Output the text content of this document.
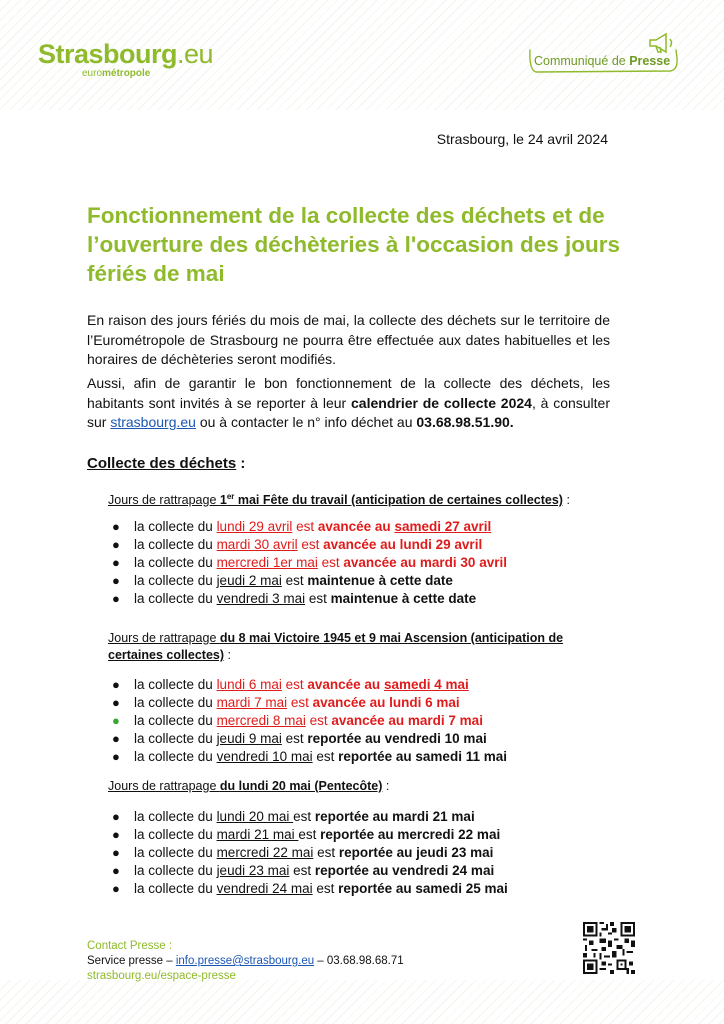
Strasbourg.eu
eurométropole
Communiqué de Presse
Strasbourg, le 24 avril 2024
Fonctionnement de la collecte des déchets et de l’ouverture des déchèteries à l'occasion des jours fériés de mai

En raison des jours fériés du mois de mai, la collecte des déchets sur le territoire de l’Eurométropole de Strasbourg ne pourra être effectuée aux dates habituelles et les horaires de déchèteries seront modifiés.

Aussi, afin de garantir le bon fonctionnement de la collecte des déchets, les habitants sont invités à se reporter à leur calendrier de collecte 2024, à consulter sur strasbourg.eu ou à contacter le n° info déchet au 03.68.98.51.90.

Collecte des déchets :

Jours de rattrapage 1er mai Fête du travail (anticipation de certaines collectes) :

● la collecte du lundi 29 avril est avancée au samedi 27 avril
● la collecte du mardi 30 avril est avancée au lundi 29 avril
● la collecte du mercredi 1er mai est avancée au mardi 30 avril
● la collecte du jeudi 2 mai est maintenue à cette date
● la collecte du vendredi 3 mai est maintenue à cette date

Jours de rattrapage du 8 mai Victoire 1945 et 9 mai Ascension (anticipation de certaines collectes) :

● la collecte du lundi 6 mai est avancée au samedi 4 mai
● la collecte du mardi 7 mai est avancée au lundi 6 mai
● la collecte du mercredi 8 mai est avancée au mardi 7 mai
● la collecte du jeudi 9 mai est reportée au vendredi 10 mai
● la collecte du vendredi 10 mai est reportée au samedi 11 mai

Jours de rattrapage du lundi 20 mai (Pentecôte) :

● la collecte du lundi 20 mai est reportée au mardi 21 mai
● la collecte du mardi 21 mai est reportée au mercredi 22 mai
● la collecte du mercredi 22 mai est reportée au jeudi 23 mai
● la collecte du jeudi 23 mai est reportée au vendredi 24 mai
● la collecte du vendredi 24 mai est reportée au samedi 25 mai
Contact Presse :
Service presse – info.presse@strasbourg.eu – 03.68.98.68.71
strasbourg.eu/espace-presse
